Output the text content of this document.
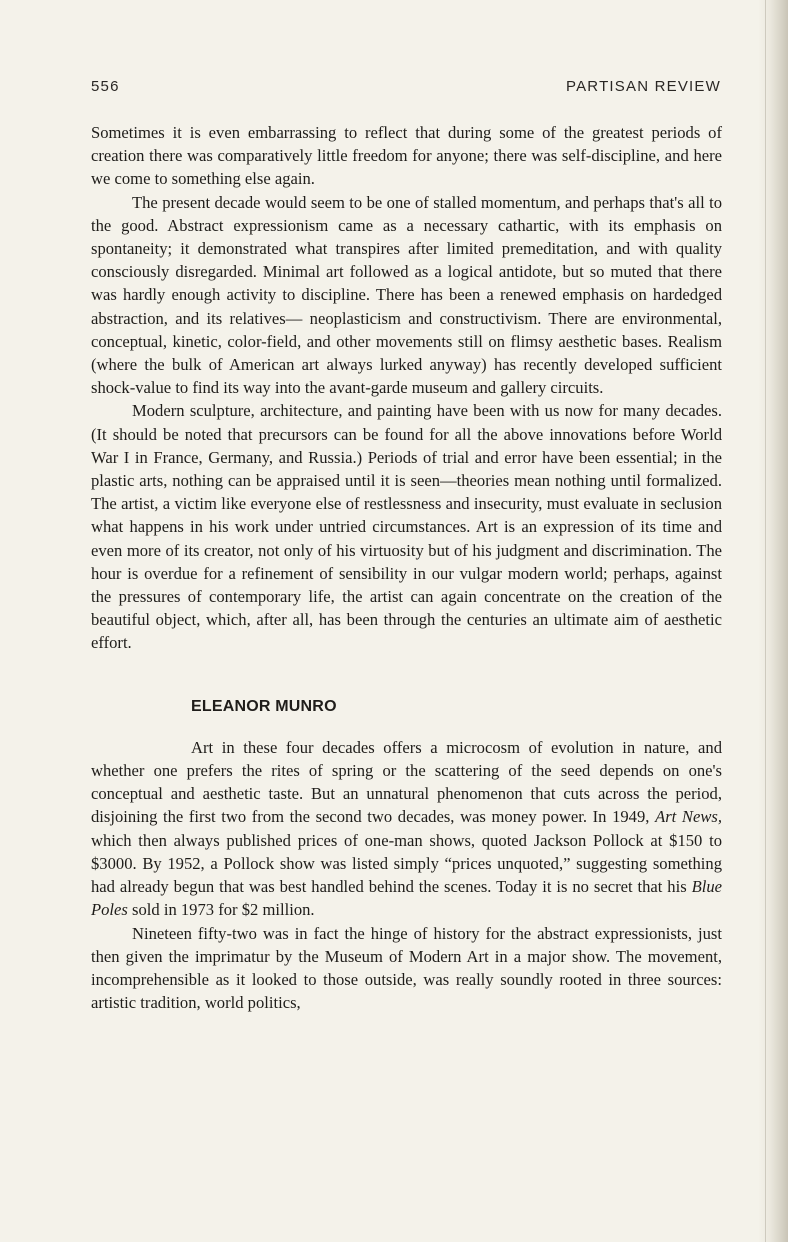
556	PARTISAN REVIEW

Sometimes it is even embarrassing to reflect that during some of the greatest periods of creation there was comparatively little freedom for anyone; there was self-discipline, and here we come to something else again.

The present decade would seem to be one of stalled momentum, and perhaps that's all to the good. Abstract expressionism came as a necessary cathartic, with its emphasis on spontaneity; it demonstrated what transpires after limited premeditation, and with quality consciously disregarded. Minimal art followed as a logical antidote, but so muted that there was hardly enough activity to discipline. There has been a renewed emphasis on hardedged abstraction, and its relatives— neoplasticism and constructivism. There are environmental, conceptual, kinetic, color-field, and other movements still on flimsy aesthetic bases. Realism (where the bulk of American art always lurked anyway) has recently developed sufficient shock-value to find its way into the avant-garde museum and gallery circuits.

Modern sculpture, architecture, and painting have been with us now for many decades. (It should be noted that precursors can be found for all the above innovations before World War I in France, Germany, and Russia.) Periods of trial and error have been essential; in the plastic arts, nothing can be appraised until it is seen—theories mean nothing until formalized. The artist, a victim like everyone else of restlessness and insecurity, must evaluate in seclusion what happens in his work under untried circumstances. Art is an expression of its time and even more of its creator, not only of his virtuosity but of his judgment and discrimination. The hour is overdue for a refinement of sensibility in our vulgar modern world; perhaps, against the pressures of contemporary life, the artist can again concentrate on the creation of the beautiful object, which, after all, has been through the centuries an ultimate aim of aesthetic effort.

ELEANOR MUNRO

Art in these four decades offers a microcosm of evolution in nature, and whether one prefers the rites of spring or the scattering of the seed depends on one's conceptual and aesthetic taste. But an unnatural phenomenon that cuts across the period, disjoining the first two from the second two decades, was money power. In 1949, Art News, which then always published prices of one-man shows, quoted Jackson Pollock at $150 to $3000. By 1952, a Pollock show was listed simply “prices unquoted,” suggesting something had already begun that was best handled behind the scenes. Today it is no secret that his Blue Poles sold in 1973 for $2 million.

Nineteen fifty-two was in fact the hinge of history for the abstract expressionists, just then given the imprimatur by the Museum of Modern Art in a major show. The movement, incomprehensible as it looked to those outside, was really soundly rooted in three sources: artistic tradition, world politics,
